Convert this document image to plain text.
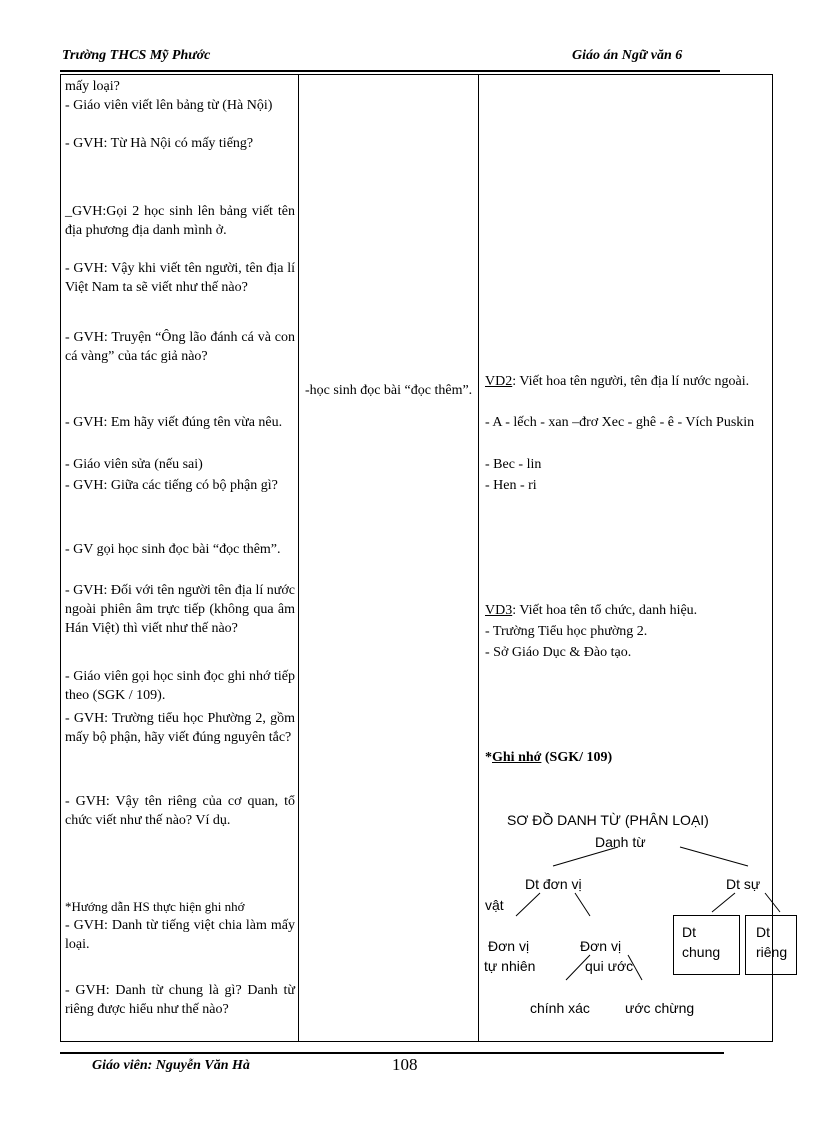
Trường THCS Mỹ Phước	Giáo án Ngữ văn 6
mấy loại?
- Giáo viên viết lên bảng từ (Hà Nội)
- GVH: Từ Hà Nội có mấy tiếng?
_GVH:Gọi 2 học sinh lên bảng viết tên địa phương địa danh mình ở.
- GVH: Vậy khi viết tên người, tên địa lí Việt Nam ta sẽ viết như thế nào?
- GVH: Truyện “Ông lão đánh cá và con cá vàng” của tác giả nào?
- GVH: Em hãy viết đúng tên vừa nêu.
- Giáo viên sửa (nếu sai)
- GVH: Giữa các tiếng có bộ phận gì?
- GV gọi học sinh đọc bài “đọc thêm”.
- GVH: Đối với tên người tên địa lí nước ngoài phiên âm trực tiếp (không qua âm Hán Việt) thì viết như thế nào?
- Giáo viên gọi học sinh đọc ghi nhớ tiếp theo (SGK / 109).
- GVH: Trường tiểu học Phường 2, gồm mấy bộ phận, hãy viết đúng nguyên tắc?
- GVH: Vậy tên riêng của cơ quan, tổ chức viết như thế nào? Ví dụ.
*Hướng dẫn HS thực hiện ghi nhớ
- GVH: Danh từ tiếng việt chia làm mấy loại.
- GVH: Danh từ chung là gì? Danh từ riêng được hiểu như thế nào?

-học sinh đọc bài “đọc thêm”.

VD2: Viết hoa tên người, tên địa lí nước ngoài.
- A - lếch - xan –đrơ Xec - ghê - ê - Vích Puskin
- Bec - lin
- Hen - ri
VD3: Viết hoa tên tổ chức, danh hiệu.
- Trường Tiểu học phường 2.
- Sở Giáo Dục & Đào tạo.
*Ghi nhớ (SGK/ 109)
SƠ ĐỒ DANH TỪ (PHÂN LOẠI)
Danh từ
Dt đơn vị
vật
Dt sự
Đơn vị
tự nhiên
Đơn vị
qui ước
Dt
chung
Dt
riêng
chính xác	ước chừng
Giáo viên: Nguyễn Văn Hà	108
